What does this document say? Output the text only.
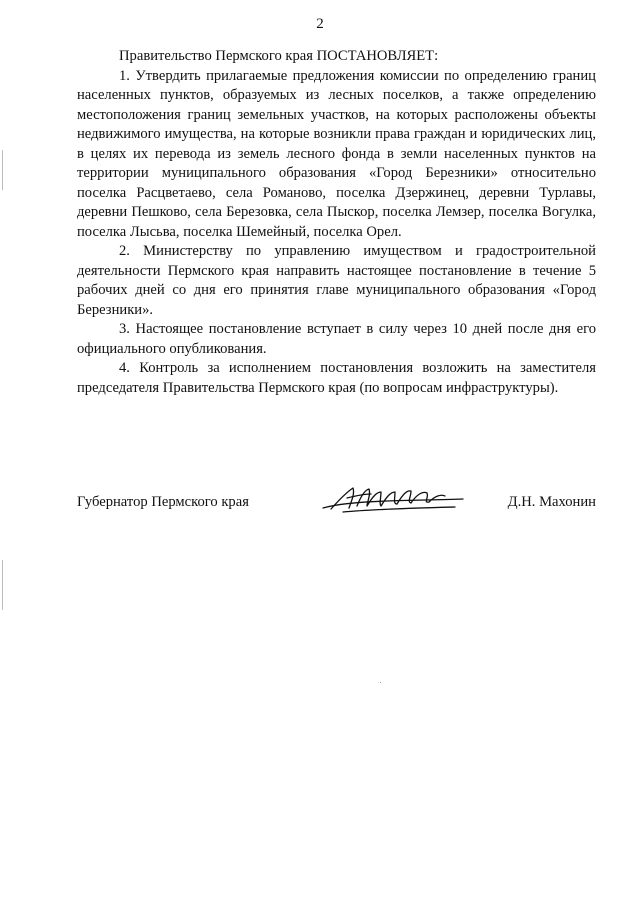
2

Правительство Пермского края ПОСТАНОВЛЯЕТ:

1. Утвердить прилагаемые предложения комиссии по определению границ населенных пунктов, образуемых из лесных поселков, а также определению местоположения границ земельных участков, на которых расположены объекты недвижимого имущества, на которые возникли права граждан и юридических лиц, в целях их перевода из земель лесного фонда в земли населенных пунктов на территории муниципального образования «Город Березники» относительно поселка Расцветаево, села Романово, поселка Дзержинец, деревни Турлавы, деревни Пешково, села Березовка, села Пыскор, поселка Лемзер, поселка Вогулка, поселка Лысьва, поселка Шемейный, поселка Орел.

2. Министерству по управлению имуществом и градостроительной деятельности Пермского края направить настоящее постановление в течение 5 рабочих дней со дня его принятия главе муниципального образования «Город Березники».

3. Настоящее постановление вступает в силу через 10 дней после дня его официального опубликования.

4. Контроль за исполнением постановления возложить на заместителя председателя Правительства Пермского края (по вопросам инфраструктуры).

Губернатор Пермского края	Д.Н. Махонин
